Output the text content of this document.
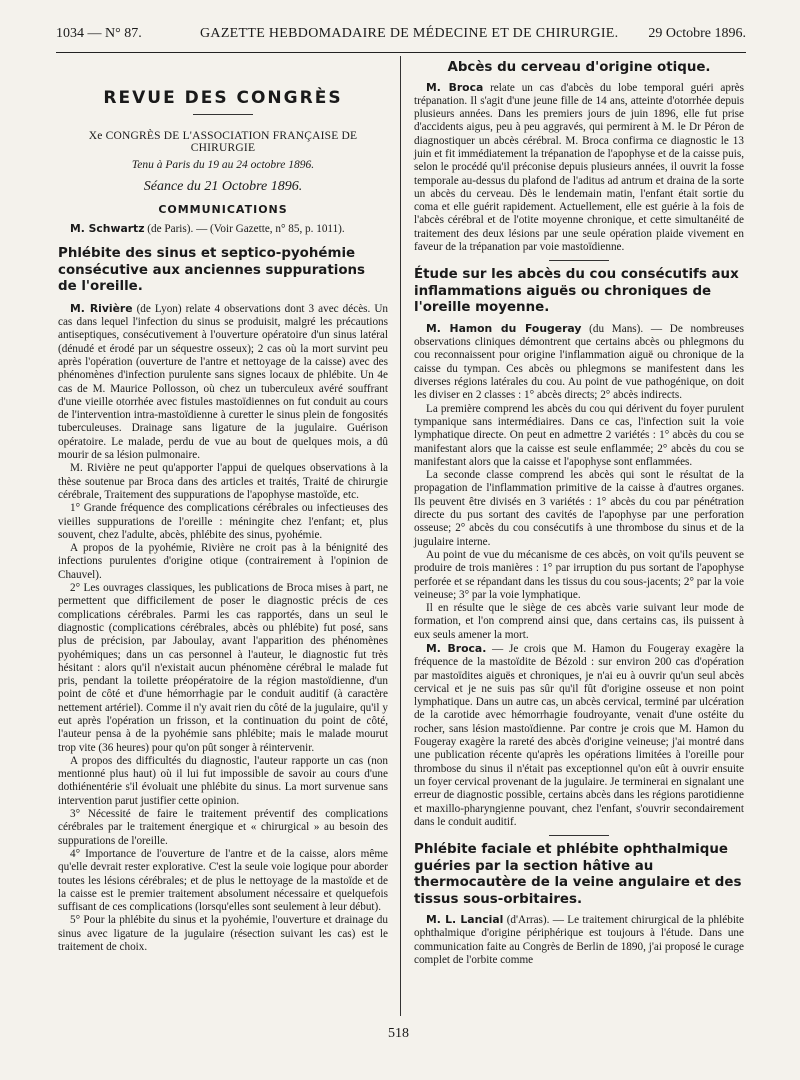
1034 — N° 87.	GAZETTE HEBDOMADAIRE DE MÉDECINE ET DE CHIRURGIE. 29 Octobre 1896.
REVUE DES CONGRÈS
Xe CONGRÈS DE L'ASSOCIATION FRANÇAISE DE CHIRURGIE
Tenu à Paris du 19 au 24 octobre 1896.
Séance du 21 Octobre 1896.
COMMUNICATIONS

M. Schwartz (de Paris). — (Voir Gazette, n° 85, p. 1011).

Phlébite des sinus et septico-pyohémie consécutive aux anciennes suppurations de l'oreille.

M. Rivière (de Lyon) relate 4 observations dont 3 avec décès. Un cas dans lequel l'infection du sinus se produisit, malgré les précautions antiseptiques, consécutivement à l'ouverture opératoire d'un sinus latéral (dénudé et érodé par un séquestre osseux); 2 cas où la mort survint peu après l'opération (ouverture de l'antre et nettoyage de la caisse) avec des phénomènes d'infection purulente sans signes locaux de phlébite. Un 4e cas de M. Maurice Pollosson, où chez un tuberculeux avéré souffrant d'une vieille otorrhée avec fistules mastoïdiennes on fut conduit au cours de l'intervention intra-mastoïdienne à curetter le sinus plein de fongosités tuberculeuses. Drainage sans ligature de la jugulaire. Guérison opératoire. Le malade, perdu de vue au bout de quelques mois, a dû mourir de sa lésion pulmonaire.

M. Rivière ne peut qu'apporter l'appui de quelques observations à la thèse soutenue par Broca dans des articles et traités, Traité de chirurgie cérébrale, Traitement des suppurations de l'apophyse mastoïde, etc.

1° Grande fréquence des complications cérébrales ou infectieuses des vieilles suppurations de l'oreille : méningite chez l'enfant; et, plus souvent, chez l'adulte, abcès, phlébite des sinus, pyohémie.

A propos de la pyohémie, Rivière ne croit pas à la bénignité des infections purulentes d'origine otique (contrairement à l'opinion de Chauvel).

2° Les ouvrages classiques, les publications de Broca mises à part, ne permettent que difficilement de poser le diagnostic précis de ces complications cérébrales. Parmi les cas rapportés, dans un seul le diagnostic (complications cérébrales, abcès ou phlébite) fut posé, sans plus de précision, par Jaboulay, avant l'apparition des phénomènes pyohémiques; dans un cas personnel à l'auteur, le diagnostic fut très hésitant : alors qu'il n'existait aucun phénomène cérébral le malade fut pris, pendant la toilette préopératoire de la région mastoïdienne, d'un point de côté et d'une hémorrhagie par le conduit auditif (à caractère nettement artériel). Comme il n'y avait rien du côté de la jugulaire, qu'il y eut après l'opération un frisson, et la continuation du point de côté, l'auteur pensa à de la pyohémie sans phlébite; mais le malade mourut trop vite (36 heures) pour qu'on pût songer à réintervenir.

A propos des difficultés du diagnostic, l'auteur rapporte un cas (non mentionné plus haut) où il lui fut impossible de savoir au cours d'une dothiénentérie s'il évoluait une phlébite du sinus. La mort survenue sans intervention parut justifier cette opinion.

3° Nécessité de faire le traitement préventif des complications cérébrales par le traitement énergique et « chirurgical » au besoin des suppurations de l'oreille.

4° Importance de l'ouverture de l'antre et de la caisse, alors même qu'elle devrait rester explorative. C'est la seule voie logique pour aborder toutes les lésions cérébrales; et de plus le nettoyage de la mastoïde et de la caisse est le premier traitement absolument nécessaire et quelquefois suffisant de ces complications (lorsqu'elles sont seulement à leur début).

5° Pour la phlébite du sinus et la pyohémie, l'ouverture et drainage du sinus avec ligature de la jugulaire (résection suivant les cas) est le traitement de choix.

Abcès du cerveau d'origine otique.

M. Broca relate un cas d'abcès du lobe temporal guéri après trépanation. Il s'agit d'une jeune fille de 14 ans, atteinte d'otorrhée depuis plusieurs années. Dans les premiers jours de juin 1896, elle fut prise d'accidents aigus, peu à peu aggravés, qui permirent à M. le Dr Péron de diagnostiquer un abcès cérébral. M. Broca confirma ce diagnostic le 13 juin et fit immédiatement la trépanation de l'apophyse et de la caisse puis, selon le procédé qu'il préconise depuis plusieurs années, il ouvrit la fosse temporale au-dessus du plafond de l'aditus ad antrum et draina de la sorte un abcès du cerveau. Dès le lendemain matin, l'enfant était sortie du coma et elle guérit rapidement. Actuellement, elle est guérie à la fois de l'abcès cérébral et de l'otite moyenne chronique, et cette simultanéité de traitement des deux lésions par une seule opération plaide vivement en faveur de la trépanation par voie mastoïdienne.

Étude sur les abcès du cou consécutifs aux inflammations aiguës ou chroniques de l'oreille moyenne.

M. Hamon du Fougeray (du Mans). — De nombreuses observations cliniques démontrent que certains abcès ou phlegmons du cou reconnaissent pour origine l'inflammation aiguë ou chronique de la caisse du tympan. Ces abcès ou phlegmons se manifestent dans les diverses régions latérales du cou. Au point de vue pathogénique, on doit les diviser en 2 classes : 1° abcès directs; 2° abcès indirects.

La première comprend les abcès du cou qui dérivent du foyer purulent tympanique sans intermédiaires. Dans ce cas, l'infection suit la voie lymphatique directe. On peut en admettre 2 variétés : 1° abcès du cou se manifestant alors que la caisse est seule enflammée; 2° abcès du cou se manifestant alors que la caisse et l'apophyse sont enflammées.

La seconde classe comprend les abcès qui sont le résultat de la propagation de l'inflammation primitive de la caisse à d'autres organes. Ils peuvent être divisés en 3 variétés : 1° abcès du cou par pénétration directe du pus sortant des cavités de l'apophyse par une perforation osseuse; 2° abcès du cou consécutifs à une thrombose du sinus et de la jugulaire interne.

Au point de vue du mécanisme de ces abcès, on voit qu'ils peuvent se produire de trois manières : 1° par irruption du pus sortant de l'apophyse perforée et se répandant dans les tissus du cou sous-jacents; 2° par la voie veineuse; 3° par la voie lymphatique.

Il en résulte que le siège de ces abcès varie suivant leur mode de formation, et l'on comprend ainsi que, dans certains cas, ils puissent à eux seuls amener la mort.

M. Broca. — Je crois que M. Hamon du Fougeray exagère la fréquence de la mastoïdite de Bézold : sur environ 200 cas d'opération par mastoïdites aiguës et chroniques, je n'ai eu à ouvrir qu'un seul abcès cervical et je ne suis pas sûr qu'il fût d'origine osseuse et non point lymphatique. Dans un autre cas, un abcès cervical, terminé par ulcération de la carotide avec hémorrhagie foudroyante, venait d'une ostéite du rocher, sans lésion mastoïdienne. Par contre je crois que M. Hamon du Fougeray exagère la rareté des abcès d'origine veineuse; j'ai montré dans une publication récente qu'après les opérations limitées à l'oreille pour thrombose du sinus il n'était pas exceptionnel qu'on eût à ouvrir ensuite un foyer cervical provenant de la jugulaire. Je terminerai en signalant une erreur de diagnostic possible, certains abcès dans les régions parotidienne et maxillo-pharyngienne pouvant, chez l'enfant, s'ouvrir secondairement dans le conduit auditif.

Phlébite faciale et phlébite ophthalmique guéries par la section hâtive au thermocautère de la veine angulaire et des tissus sous-orbitaires.

M. L. Lancial (d'Arras). — Le traitement chirurgical de la phlébite ophthalmique d'origine périphérique est toujours à l'étude. Dans une communication faite au Congrès de Berlin de 1890, j'ai proposé le curage complet de l'orbite comme

518
